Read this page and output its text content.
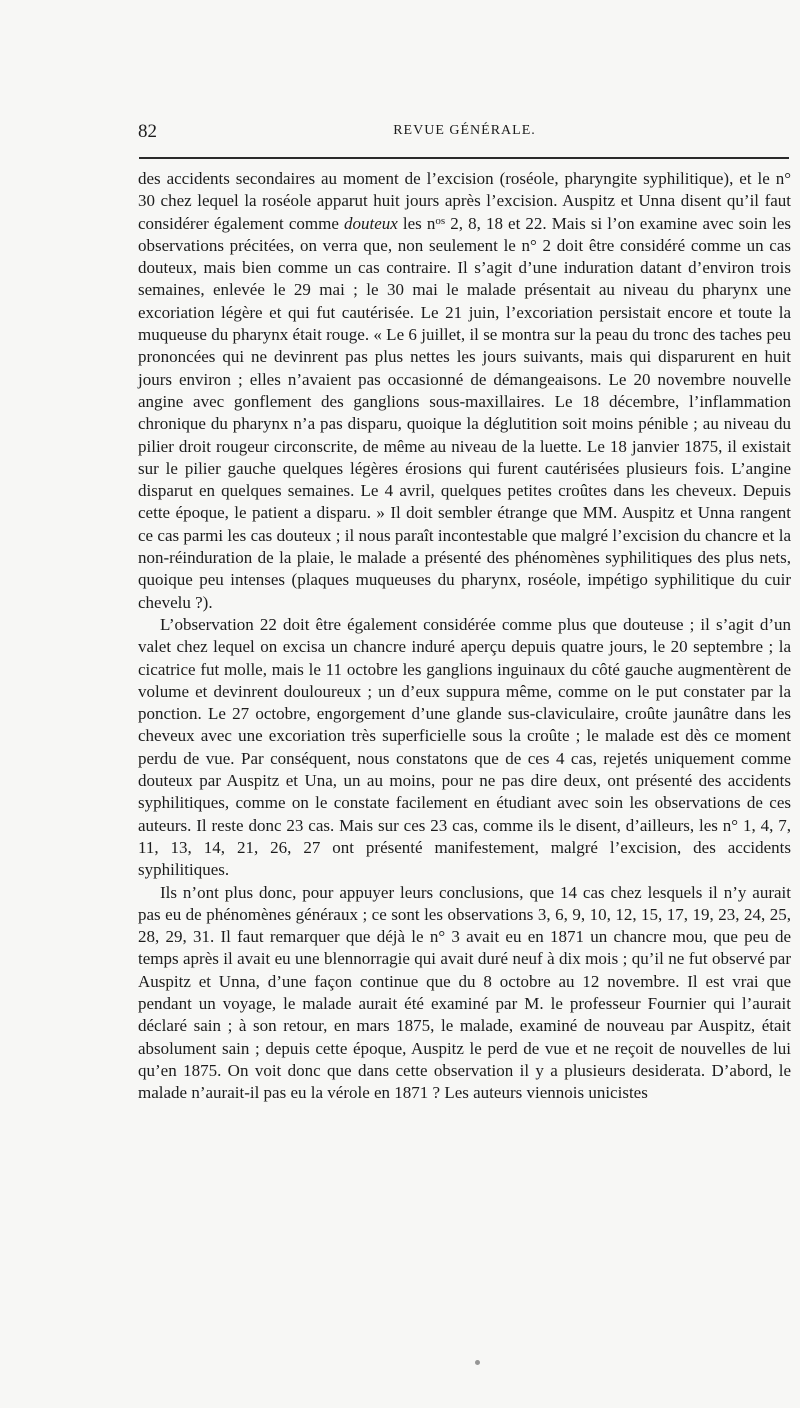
82	REVUE GÉNÉRALE.

des accidents secondaires au moment de l’excision (roséole, pharyngite syphilitique), et le n° 30 chez lequel la roséole apparut huit jours après l’excision. Auspitz et Unna disent qu’il faut considérer également comme douteux les $n^{os}$ 2, 8, 18 et 22. Mais si l’on examine avec soin les observations précitées, on verra que, non seulement le n° 2 doit être considéré comme un cas douteux, mais bien comme un cas contraire. Il s’agit d’une induration datant d’environ trois semaines, enlevée le 29 mai ; le 30 mai le malade présentait au niveau du pharynx une excoriation légère et qui fut cautérisée. Le 21 juin, l’excoriation persistait encore et toute la muqueuse du pharynx était rouge. « Le 6 juillet, il se montra sur la peau du tronc des taches peu prononcées qui ne devinrent pas plus nettes les jours suivants, mais qui disparurent en huit jours environ ; elles n’avaient pas occasionné de démangeaisons. Le 20 novembre nouvelle angine avec gonflement des ganglions sous-maxillaires. Le 18 décembre, l’inflammation chronique du pharynx n’a pas disparu, quoique la déglutition soit moins pénible ; au niveau du pilier droit rougeur circonscrite, de même au niveau de la luette. Le 18 janvier 1875, il existait sur le pilier gauche quelques légères érosions qui furent cautérisées plusieurs fois. L’angine disparut en quelques semaines. Le 4 avril, quelques petites croûtes dans les cheveux. Depuis cette époque, le patient a disparu. » Il doit sembler étrange que MM. Auspitz et Unna rangent ce cas parmi les cas douteux ; il nous paraît incontestable que malgré l’excision du chancre et la non-réinduration de la plaie, le malade a présenté des phénomènes syphilitiques des plus nets, quoique peu intenses (plaques muqueuses du pharynx, roséole, impétigo syphilitique du cuir chevelu ?).

L’observation 22 doit être également considérée comme plus que douteuse ; il s’agit d’un valet chez lequel on excisa un chancre induré aperçu depuis quatre jours, le 20 septembre ; la cicatrice fut molle, mais le 11 octobre les ganglions inguinaux du côté gauche augmentèrent de volume et devinrent douloureux ; un d’eux suppura même, comme on le put constater par la ponction. Le 27 octobre, engorgement d’une glande sus-claviculaire, croûte jaunâtre dans les cheveux avec une excoriation très superficielle sous la croûte ; le malade est dès ce moment perdu de vue. Par conséquent, nous constatons que de ces 4 cas, rejetés uniquement comme douteux par Auspitz et Una, un au moins, pour ne pas dire deux, ont présenté des accidents syphilitiques, comme on le constate facilement en étudiant avec soin les observations de ces auteurs. Il reste donc 23 cas. Mais sur ces 23 cas, comme ils le disent, d’ailleurs, les n° 1, 4, 7, 11, 13, 14, 21, 26, 27 ont présenté manifestement, malgré l’excision, des accidents syphilitiques.

Ils n’ont plus donc, pour appuyer leurs conclusions, que 14 cas chez lesquels il n’y aurait pas eu de phénomènes généraux ; ce sont les observations 3, 6, 9, 10, 12, 15, 17, 19, 23, 24, 25, 28, 29, 31. Il faut remarquer que déjà le n° 3 avait eu en 1871 un chancre mou, que peu de temps après il avait eu une blennorragie qui avait duré neuf à dix mois ; qu’il ne fut observé par Auspitz et Unna, d’une façon continue que du 8 octobre au 12 novembre. Il est vrai que pendant un voyage, le malade aurait été examiné par M. le professeur Fournier qui l’aurait déclaré sain ; à son retour, en mars 1875, le malade, examiné de nouveau par Auspitz, était absolument sain ; depuis cette époque, Auspitz le perd de vue et ne reçoit de nouvelles de lui qu’en 1875. On voit donc que dans cette observation il y a plusieurs desiderata. D’abord, le malade n’aurait-il pas eu la vérole en 1871 ? Les auteurs viennois unicistes
